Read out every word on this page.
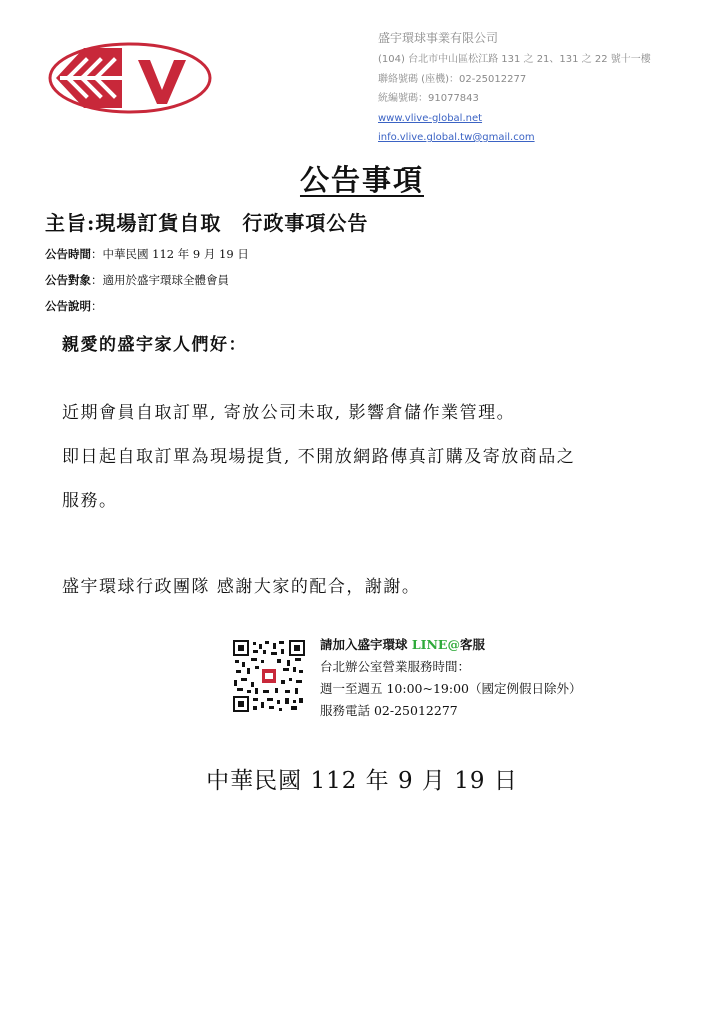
盛宇環球事業有限公司
(104) 台北市中山區松江路 131 之 21、131 之 22 號十一樓
聯絡號碼 (座機)：02-25012277
統編號碼：91077843
www.vlive-global.net
info.vlive.global.tw@gmail.com
公告事項
主旨:現場訂貨自取　行政事項公告
公告時間：中華民國 112 年 9 月 19 日
公告對象：適用於盛宇環球全體會員
公告說明：
親愛的盛宇家人們好：
近期會員自取訂單, 寄放公司未取, 影響倉儲作業管理。
即日起自取訂單為現場提貨, 不開放網路傳真訂購及寄放商品之
服務。
盛宇環球行政團隊 感謝大家的配合，謝謝。
請加入盛宇環球 LINE@客服
台北辦公室營業服務時間：
週一至週五 10:00~19:00（國定例假日除外）
服務電話 02-25012277
中華民國 112 年 9 月 19 日
